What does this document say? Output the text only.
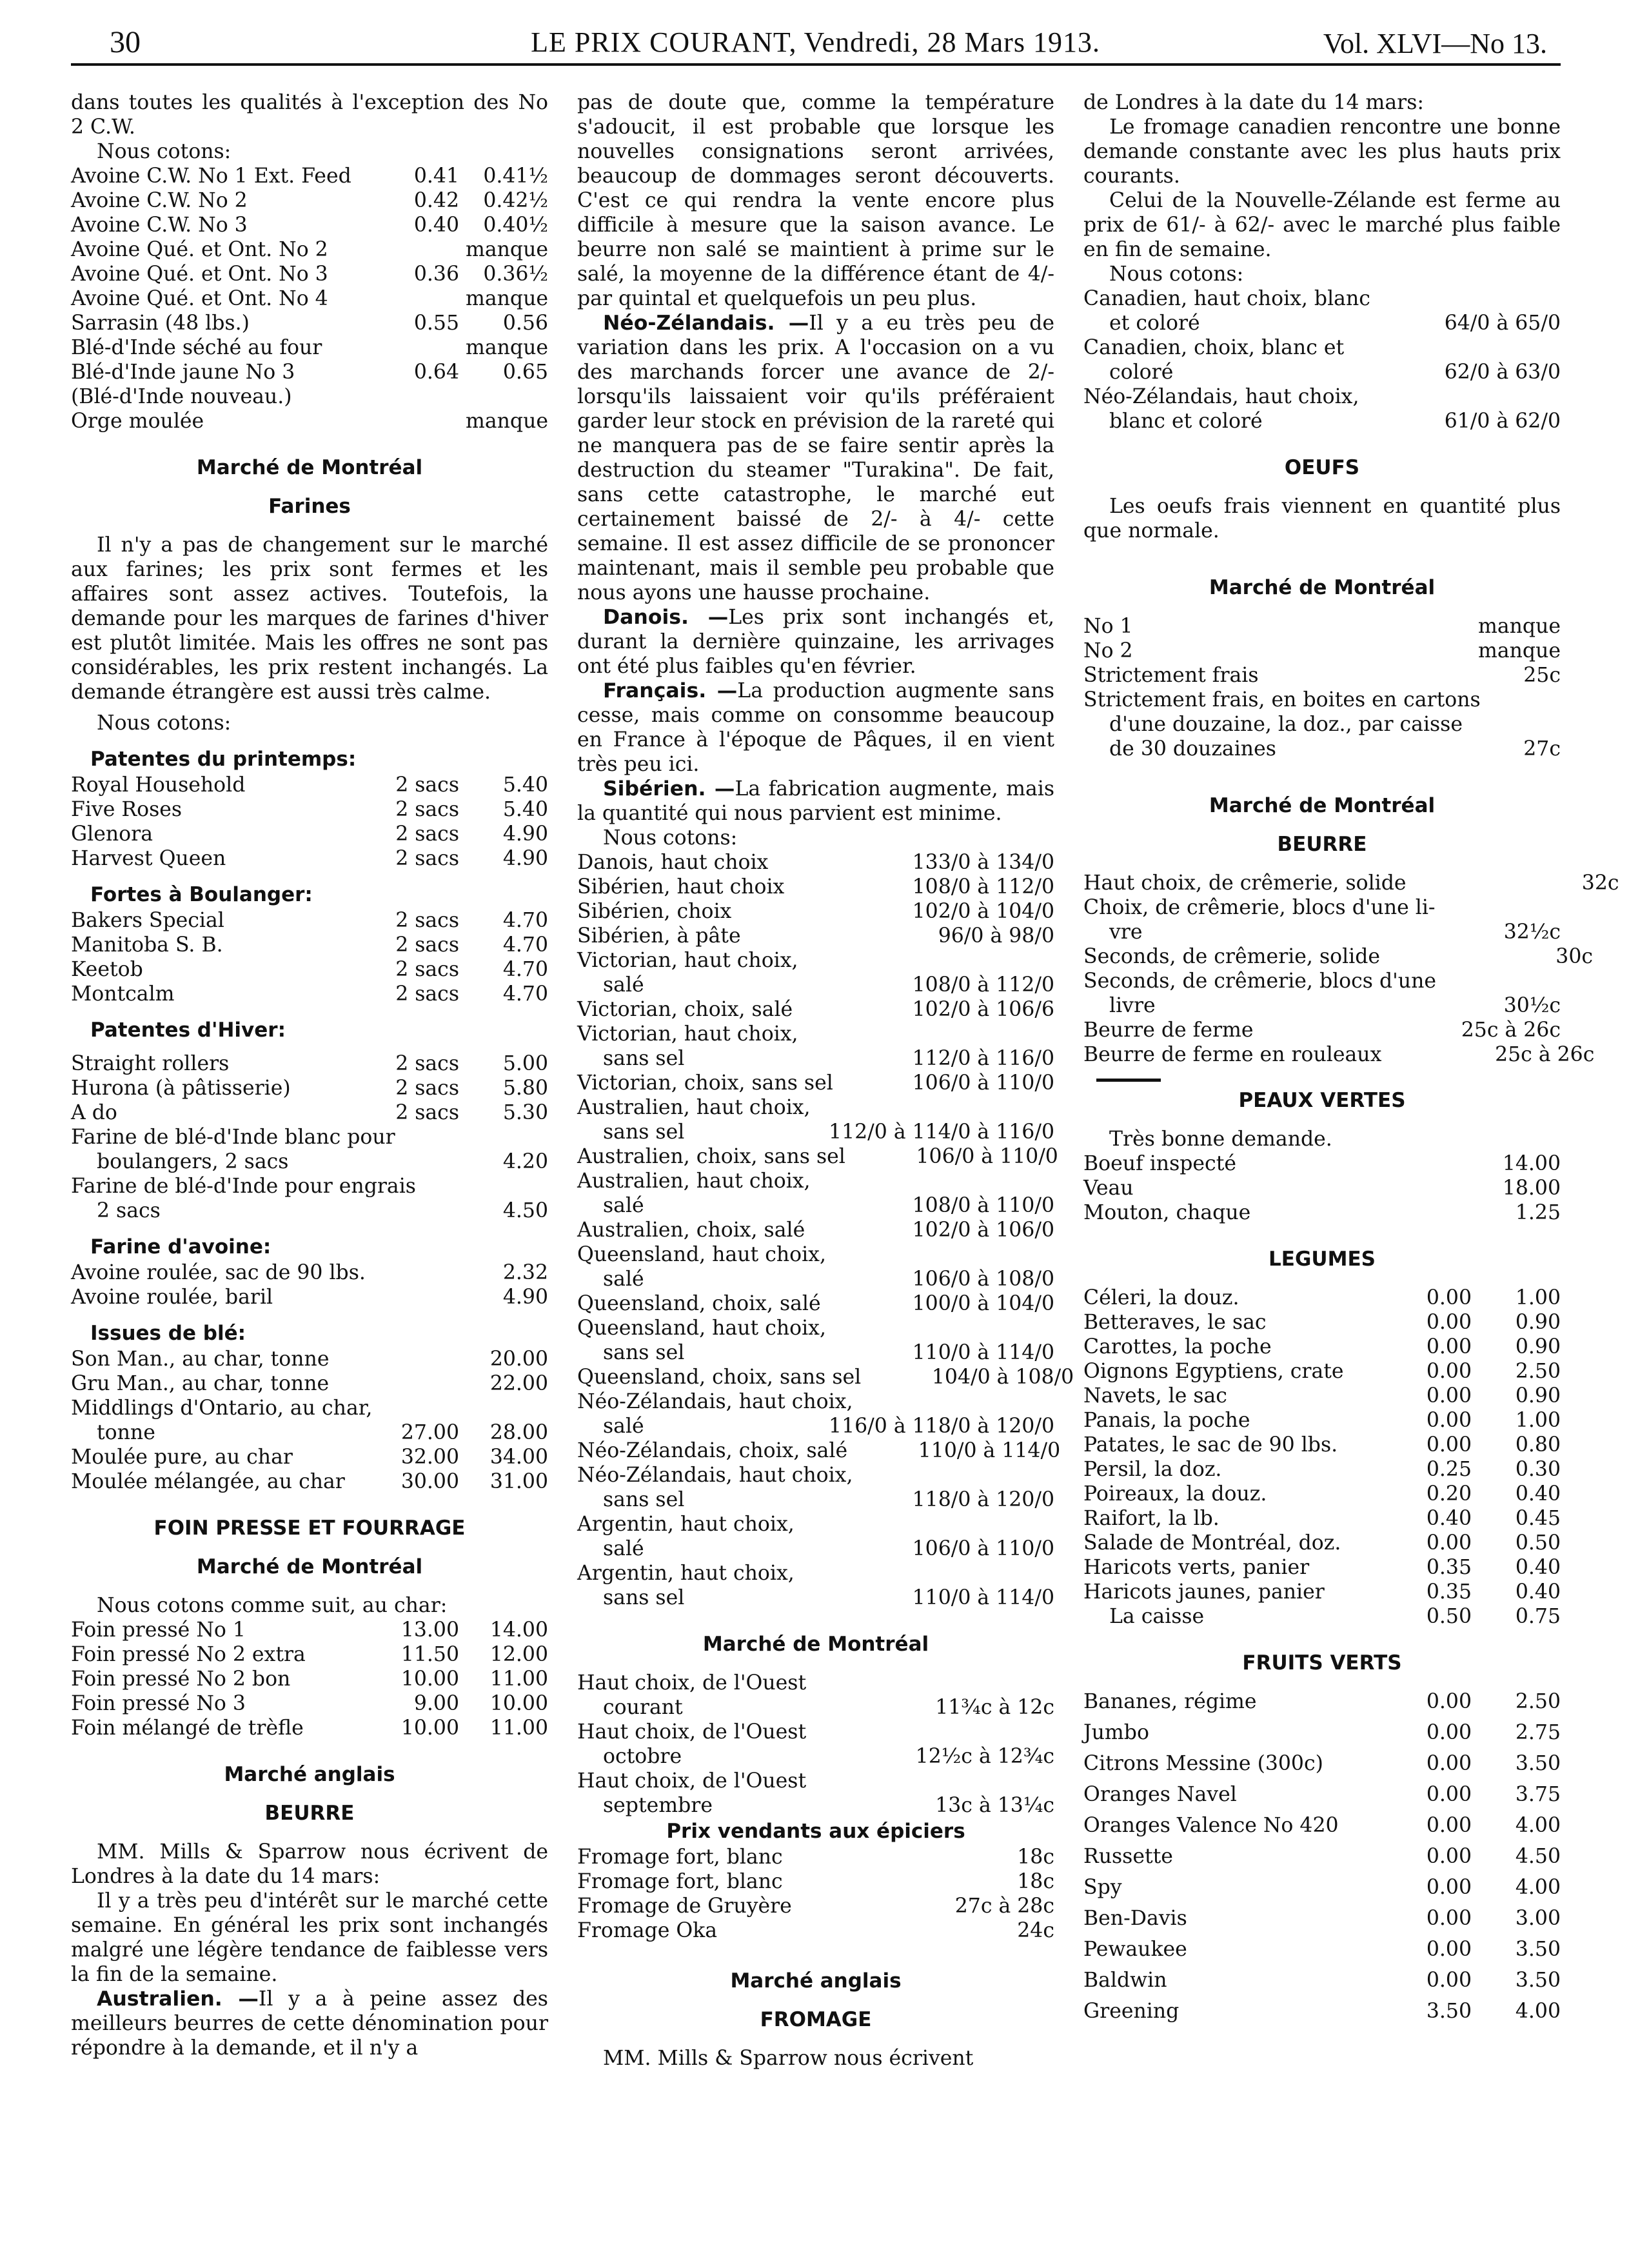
30	LE PRIX COURANT, Vendredi, 28 Mars 1913.	Vol. XLVI—No 13.

dans toutes les qualités à l'exception des No 2 C.W.

Nous cotons:

Avoine C.W. No 1 Ext. Feed	0.41	0.41½
Avoine C.W. No 2	0.42	0.42½
Avoine C.W. No 3	0.40	0.40½
Avoine Qué. et Ont. No 2	manque
Avoine Qué. et Ont. No 3	0.36	0.36½
Avoine Qué. et Ont. No 4	manque
Sarrasin (48 lbs.)	0.55	0.56
Blé-d'Inde séché au four	manque
Blé-d'Inde jaune No 3	0.64	0.65
(Blé-d'Inde nouveau.)
Orge moulée	manque
Marché de Montréal
Farines

Il n'y a pas de changement sur le marché aux farines; les prix sont fermes et les affaires sont assez actives. Toutefois, la demande pour les marques de farines d'hiver est plutôt limitée. Mais les offres ne sont pas considérables, les prix restent inchangés. La demande étrangère est aussi très calme.

Nous cotons:

Patentes du printemps:
Royal Household	2 sacs	5.40
Five Roses	2 sacs	5.40
Glenora	2 sacs	4.90
Harvest Queen	2 sacs	4.90
Fortes à Boulanger:
Bakers Special	2 sacs	4.70
Manitoba S. B.	2 sacs	4.70
Keetob	2 sacs	4.70
Montcalm	2 sacs	4.70
Patentes d'Hiver:
Straight rollers	2 sacs	5.00
Hurona (à pâtisserie)	2 sacs	5.80
A do	2 sacs	5.30

Farine de blé-d'Inde blanc pour

boulangers, 2 sacs	4.20

Farine de blé-d'Inde pour engrais

2 sacs	4.50
Farine d'avoine:
Avoine roulée, sac de 90 lbs.	2.32
Avoine roulée, baril	4.90
Issues de blé:
Son Man., au char, tonne	20.00
Gru Man., au char, tonne	22.00

Middlings d'Ontario, au char,

tonne	27.00	28.00
Moulée pure, au char	32.00	34.00
Moulée mélangée, au char	30.00	31.00
FOIN PRESSE ET FOURRAGE
Marché de Montréal

Nous cotons comme suit, au char:

Foin pressé No 1	13.00	14.00
Foin pressé No 2 extra	11.50	12.00
Foin pressé No 2 bon	10.00	11.00
Foin pressé No 3	9.00	10.00
Foin mélangé de trèfle	10.00	11.00
Marché anglais
BEURRE

MM. Mills & Sparrow nous écrivent de Londres à la date du 14 mars:

Il y a très peu d'intérêt sur le marché cette semaine. En général les prix sont inchangés malgré une légère tendance de faiblesse vers la fin de la semaine.

Australien. —Il y a à peine assez des meilleurs beurres de cette dénomination pour répondre à la demande, et il n'y a

pas de doute que, comme la température s'adoucit, il est probable que lorsque les nouvelles consignations seront arrivées, beaucoup de dommages seront découverts. C'est ce qui rendra la vente encore plus difficile à mesure que la saison avance. Le beurre non salé se maintient à prime sur le salé, la moyenne de la différence étant de 4/- par quintal et quelquefois un peu plus.

Néo-Zélandais. —Il y a eu très peu de variation dans les prix. A l'occasion on a vu des marchands forcer une avance de 2/- lorsqu'ils laissaient voir qu'ils préféraient garder leur stock en prévision de la rareté qui ne manquera pas de se faire sentir après la destruction du steamer "Turakina". De fait, sans cette catastrophe, le marché eut certainement baissé de 2/- à 4/- cette semaine. Il est assez difficile de se prononcer maintenant, mais il semble peu probable que nous ayons une hausse prochaine.

Danois. —Les prix sont inchangés et, durant la dernière quinzaine, les arrivages ont été plus faibles qu'en février.

Français. —La production augmente sans cesse, mais comme on consomme beaucoup en France à l'époque de Pâques, il en vient très peu ici.

Sibérien. —La fabrication augmente, mais la quantité qui nous parvient est minime.

Nous cotons:

Danois, haut choix	133/0 à 134/0
Sibérien, haut choix	108/0 à 112/0
Sibérien, choix	102/0 à 104/0
Sibérien, à pâte	96/0 à 98/0
Victorian, haut choix,
salé	108/0 à 112/0
Victorian, choix, salé	102/0 à 106/6
Victorian, haut choix,
sans sel	112/0 à 116/0
Victorian, choix, sans sel	106/0 à 110/0
Australien, haut choix,
sans sel	112/0 à 114/0 à 116/0
Australien, choix, sans sel	106/0 à 110/0
Australien, haut choix,
salé	108/0 à 110/0
Australien, choix, salé	102/0 à 106/0
Queensland, haut choix,
salé	106/0 à 108/0
Queensland, choix, salé	100/0 à 104/0
Queensland, haut choix,
sans sel	110/0 à 114/0
Queensland, choix, sans sel	104/0 à 108/0
Néo-Zélandais, haut choix,
salé	116/0 à 118/0 à 120/0
Néo-Zélandais, choix, salé	110/0 à 114/0
Néo-Zélandais, haut choix,
sans sel	118/0 à 120/0
Argentin, haut choix,
salé	106/0 à 110/0
Argentin, haut choix,
sans sel	110/0 à 114/0
Marché de Montréal
Haut choix, de l'Ouest
courant	11¾c à 12c
Haut choix, de l'Ouest
octobre	12½c à 12¾c
Haut choix, de l'Ouest
septembre	13c à 13¼c
Prix vendants aux épiciers
Fromage fort, blanc	18c
Fromage fort, blanc	18c
Fromage de Gruyère	27c à 28c
Fromage Oka	24c
Marché anglais
FROMAGE

MM. Mills & Sparrow nous écrivent

de Londres à la date du 14 mars:

Le fromage canadien rencontre une bonne demande constante avec les plus hauts prix courants.

Celui de la Nouvelle-Zélande est ferme au prix de 61/- à 62/- avec le marché plus faible en fin de semaine.

Nous cotons:

Canadien, haut choix, blanc
et coloré	64/0 à 65/0
Canadien, choix, blanc et
coloré	62/0 à 63/0
Néo-Zélandais, haut choix,
blanc et coloré	61/0 à 62/0
OEUFS

Les oeufs frais viennent en quantité plus que normale.

Marché de Montréal
No 1	manque
No 2	manque
Strictement frais	25c
Strictement frais, en boites en cartons d'une douzaine, la doz., par caisse de 30 douzaines	27c
Marché de Montréal
BEURRE
Haut choix, de crêmerie, solide	32c
Choix, de crêmerie, blocs d'une li-
vre	32½c
Seconds, de crêmerie, solide	30c
Seconds, de crêmerie, blocs d'une
livre	30½c
Beurre de ferme	25c à 26c
Beurre de ferme en rouleaux	25c à 26c
PEAUX VERTES

Très bonne demande.

Boeuf inspecté	14.00
Veau	18.00
Mouton, chaque	1.25
LEGUMES
Céleri, la douz.	0.00	1.00
Betteraves, le sac	0.00	0.90
Carottes, la poche	0.00	0.90
Oignons Egyptiens, crate	0.00	2.50
Navets, le sac	0.00	0.90
Panais, la poche	0.00	1.00
Patates, le sac de 90 lbs.	0.00	0.80
Persil, la doz.	0.25	0.30
Poireaux, la douz.	0.20	0.40
Raifort, la lb.	0.40	0.45
Salade de Montréal, doz.	0.00	0.50
Haricots verts, panier	0.35	0.40
Haricots jaunes, panier	0.35	0.40
La caisse	0.50	0.75
FRUITS VERTS
Bananes, régime	0.00	2.50
Jumbo	0.00	2.75
Citrons Messine (300c)	0.00	3.50
Oranges Navel	0.00	3.75
Oranges Valence No 420	0.00	4.00
Russette	0.00	4.50
Spy	0.00	4.00
Ben-Davis	0.00	3.00
Pewaukee	0.00	3.50
Baldwin	0.00	3.50
Greening	3.50	4.00
